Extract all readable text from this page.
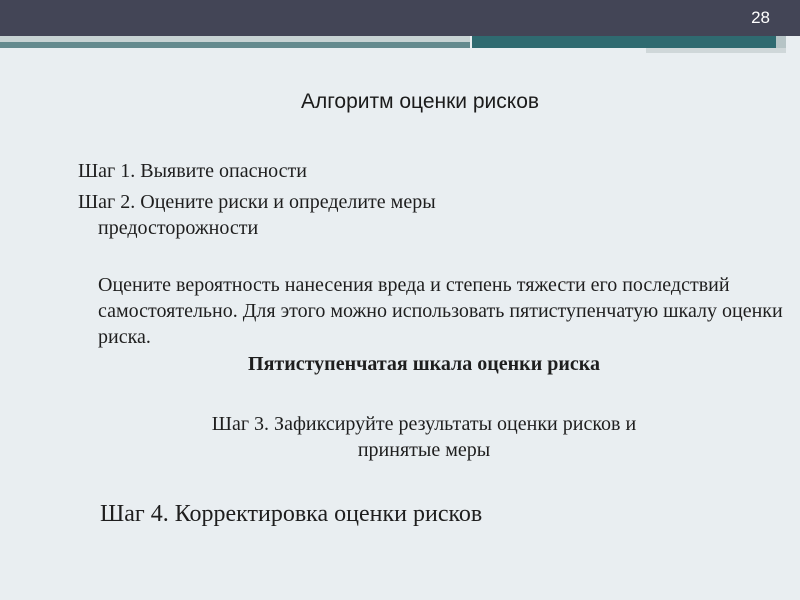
28
Алгоритм оценки рисков
Шаг 1. Выявите опасности
Шаг 2. Оцените риски и определите меры
предосторожности
Оцените вероятность нанесения вреда и степень тяжести его последствий самостоятельно. Для этого можно использовать пятиступенчатую шкалу оценки риска.
Пятиступенчатая шкала оценки риска
Шаг 3. Зафиксируйте результаты оценки рисков и
принятые меры
Шаг 4. Корректировка оценки рисков
